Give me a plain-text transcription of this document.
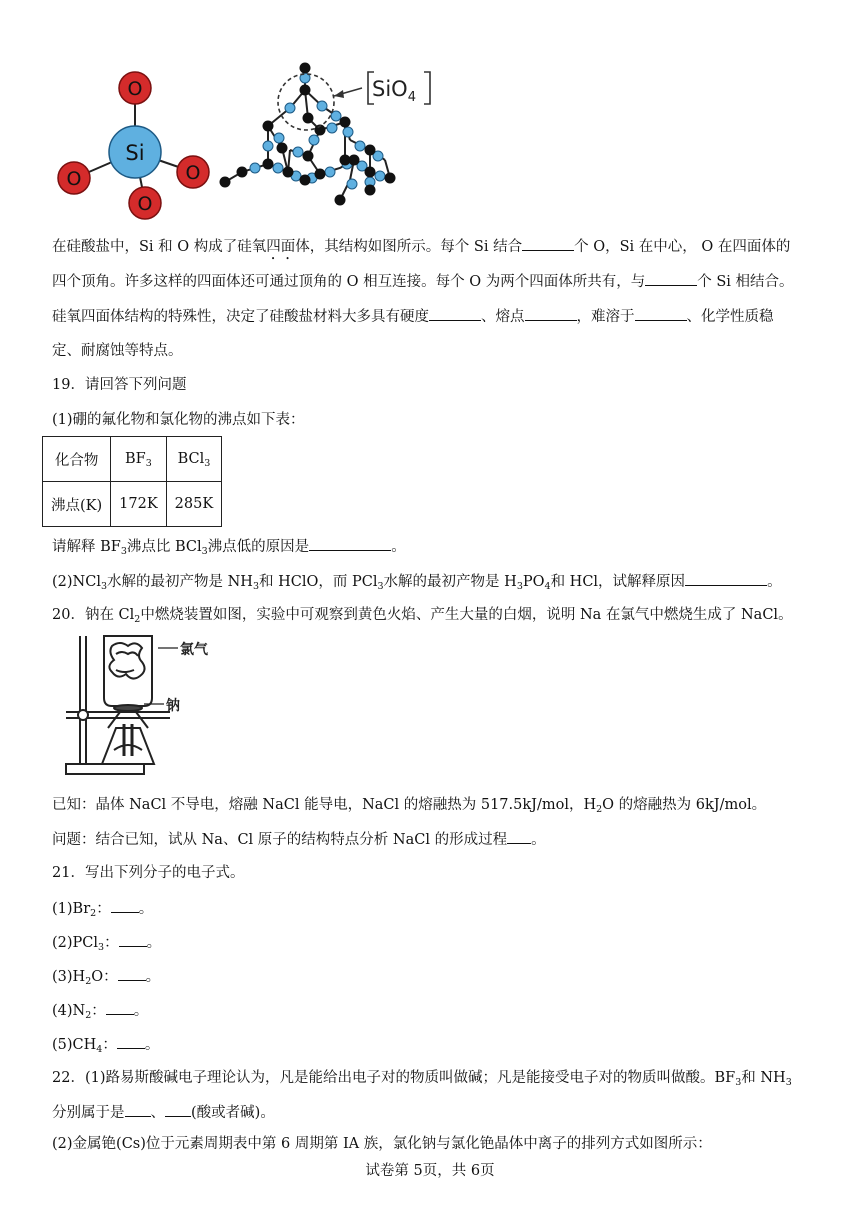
O
O	O
O
Si
SiO$_4$
在硅酸盐中，Si 和 O 构成了硅氧四面体，其结构如图所示。每个 Si 结合	个 O，Si 在中心， O 在四面体的
四个顶角。许多这样的四面体还可通过顶角的 O 相互连接。每个 O 为两个四面体所共有，与	个 Si 相结合。
硅氧四面体结构的特殊性，决定了硅酸盐材料大多具有硬度	、熔点	，难溶于	、化学性质稳
定、耐腐蚀等特点。
19．请回答下列问题
(1)硼的氟化物和氯化物的沸点如下表：
化合物	$BF_3$	BCl$_3$
沸点(K)	172K	285K
请解释 $BF_3$沸点比 BCl$_3$沸点低的原因是	。
(2)NCl$_3$水解的最初产物是 $NH_3$和 HClO，而 PCl$_3$水解的最初产物是 $H_3PO_4$和 HCl，试解释原因	。
20．钠在 $Cl_2$中燃烧装置如图，实验中可观察到黄色火焰、产生大量的白烟，说明 Na 在氯气中燃烧生成了 NaCl。
氯气
钠
已知：晶体 NaCl 不导电，熔融 NaCl 能导电，NaCl 的熔融热为 517.5kJ/mol，$H_2O$ 的熔融热为 6kJ/mol。
问题：结合已知，试从 Na、Cl 原子的结构特点分析 NaCl 的形成过程 。
21．写出下列分子的电子式。
$(1)Br_2$： 。
(2)PCl$_3$： 。
$(3)H_2O$： 。
$(4)N_2$： 。
$(5)CH_4$： 。
22．(1)路易斯酸碱电子理论认为，凡是能给出电子对的物质叫做碱；凡是能接受电子对的物质叫做酸。$BF_3$和 $NH_3$
分别属于是 、 (酸或者碱)。
(2)金属铯(Cs)位于元素周期表中第 6 周期第 IA 族，氯化钠与氯化铯晶体中离子的排列方式如图所示：
试卷第 5页，共 6页
